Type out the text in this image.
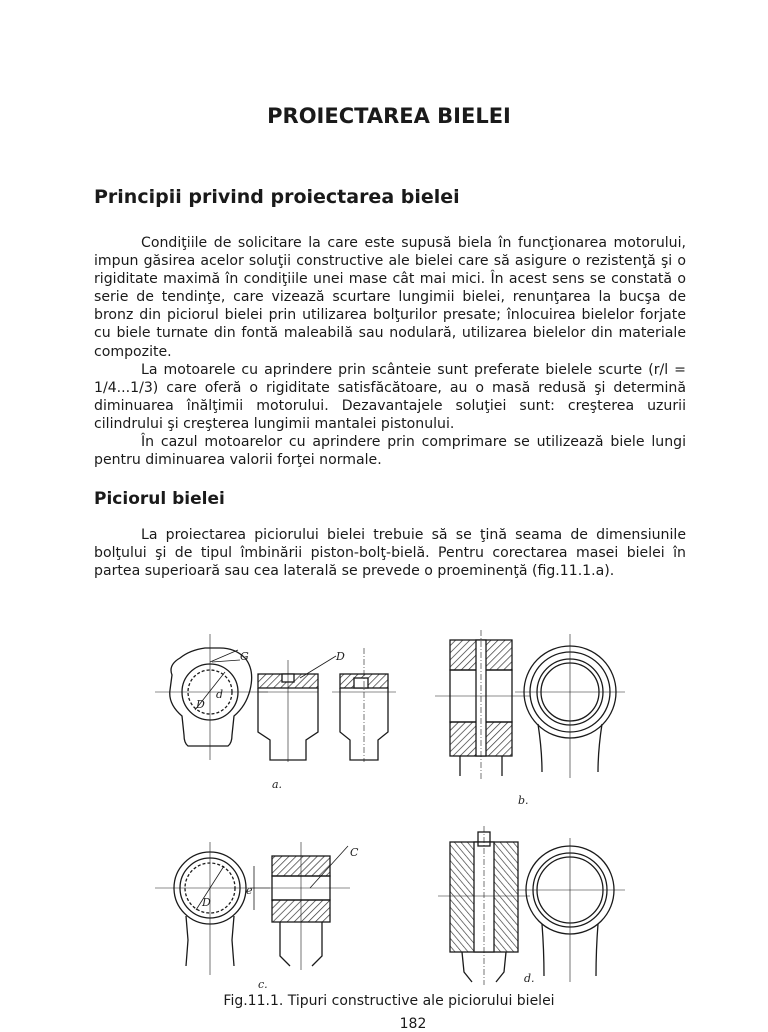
PROIECTAREA BIELEI
Principii privind proiectarea bielei

Condiţiile de solicitare la care este supusă biela în funcţionarea motorului, impun găsirea acelor soluţii constructive ale bielei care să asigure o rezistenţă şi o rigiditate maximă în condiţiile unei mase cât mai mici. În acest sens se constată o serie de tendinţe, care vizează scurtare lungimii bielei, renunţarea la bucşa de bronz din piciorul bielei prin utilizarea bolţurilor presate; înlocuirea bielelor forjate cu biele turnate din fontă maleabilă sau nodulară, utilizarea bielelor din materiale compozite.

La motoarele cu aprindere prin scânteie sunt preferate bielele scurte (r/l = 1/4...1/3) care oferă o rigiditate satisfăcătoare, au o masă redusă şi determină diminuarea înălţimii motorului. Dezavantajele soluţiei sunt: creşterea uzurii cilindrului şi creşterea lungimii mantalei pistonului.

În cazul motoarelor cu aprindere prin comprimare se utilizează biele lungi pentru diminuarea valorii forţei normale.

Piciorul bielei

La proiectarea piciorului bielei trebuie să se ţină seama de dimensiunile bolţului şi de tipul îmbinării piston-bolţ-bielă. Pentru corectarea masei bielei în partea superioară sau cea laterală se prevede o proeminenţă (fig.11.1.a).

G	D
d
D
a.
b.
C
D
e
c.	d.
Fig.11.1. Tipuri constructive ale piciorului bielei
182
